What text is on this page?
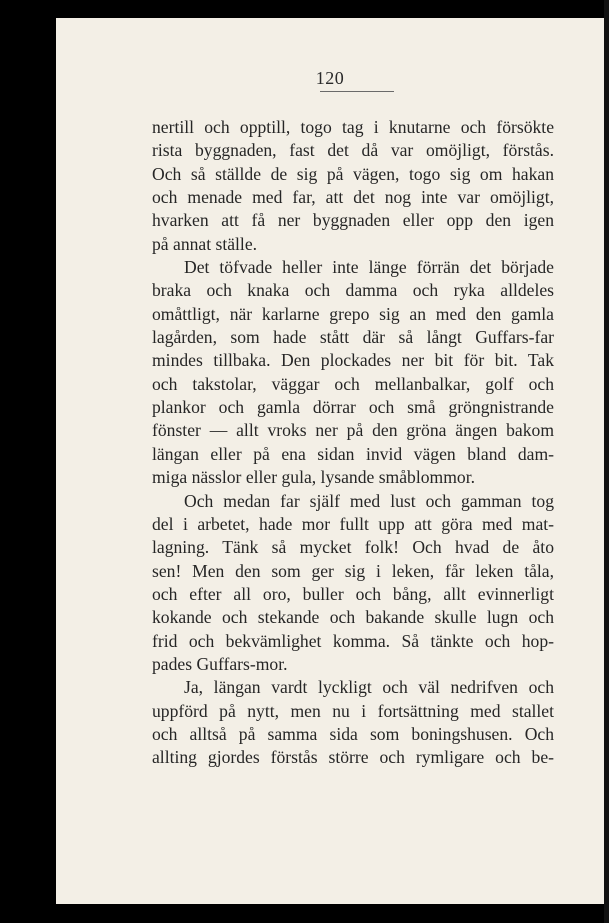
120

nertill och opptill, togo tag i knutarne och försökte

rista byggnaden, fast det då var omöjligt, förstås.

Och så ställde de sig på vägen, togo sig om hakan

och menade med far, att det nog inte var omöjligt,

hvarken att få ner byggnaden eller opp den igen

på annat ställe.

Det töfvade heller inte länge förrän det började

braka och knaka och damma och ryka alldeles

omåttligt, när karlarne grepo sig an med den gamla

lagården, som hade stått där så långt Guffars-far

mindes tillbaka. Den plockades ner bit för bit. Tak

och takstolar, väggar och mellanbalkar, golf och

plankor och gamla dörrar och små gröngnistrande

fönster — allt vroks ner på den gröna ängen bakom

längan eller på ena sidan invid vägen bland dam-

miga nässlor eller gula, lysande småblommor.

Och medan far själf med lust och gamman tog

del i arbetet, hade mor fullt upp att göra med mat-

lagning. Tänk så mycket folk! Och hvad de åto

sen! Men den som ger sig i leken, får leken tåla,

och efter all oro, buller och bång, allt evinnerligt

kokande och stekande och bakande skulle lugn och

frid och bekvämlighet komma. Så tänkte och hop-

pades Guffars-mor.

Ja, längan vardt lyckligt och väl nedrifven och

uppförd på nytt, men nu i fortsättning med stallet

och alltså på samma sida som boningshusen. Och

allting gjordes förstås större och rymligare och be-
